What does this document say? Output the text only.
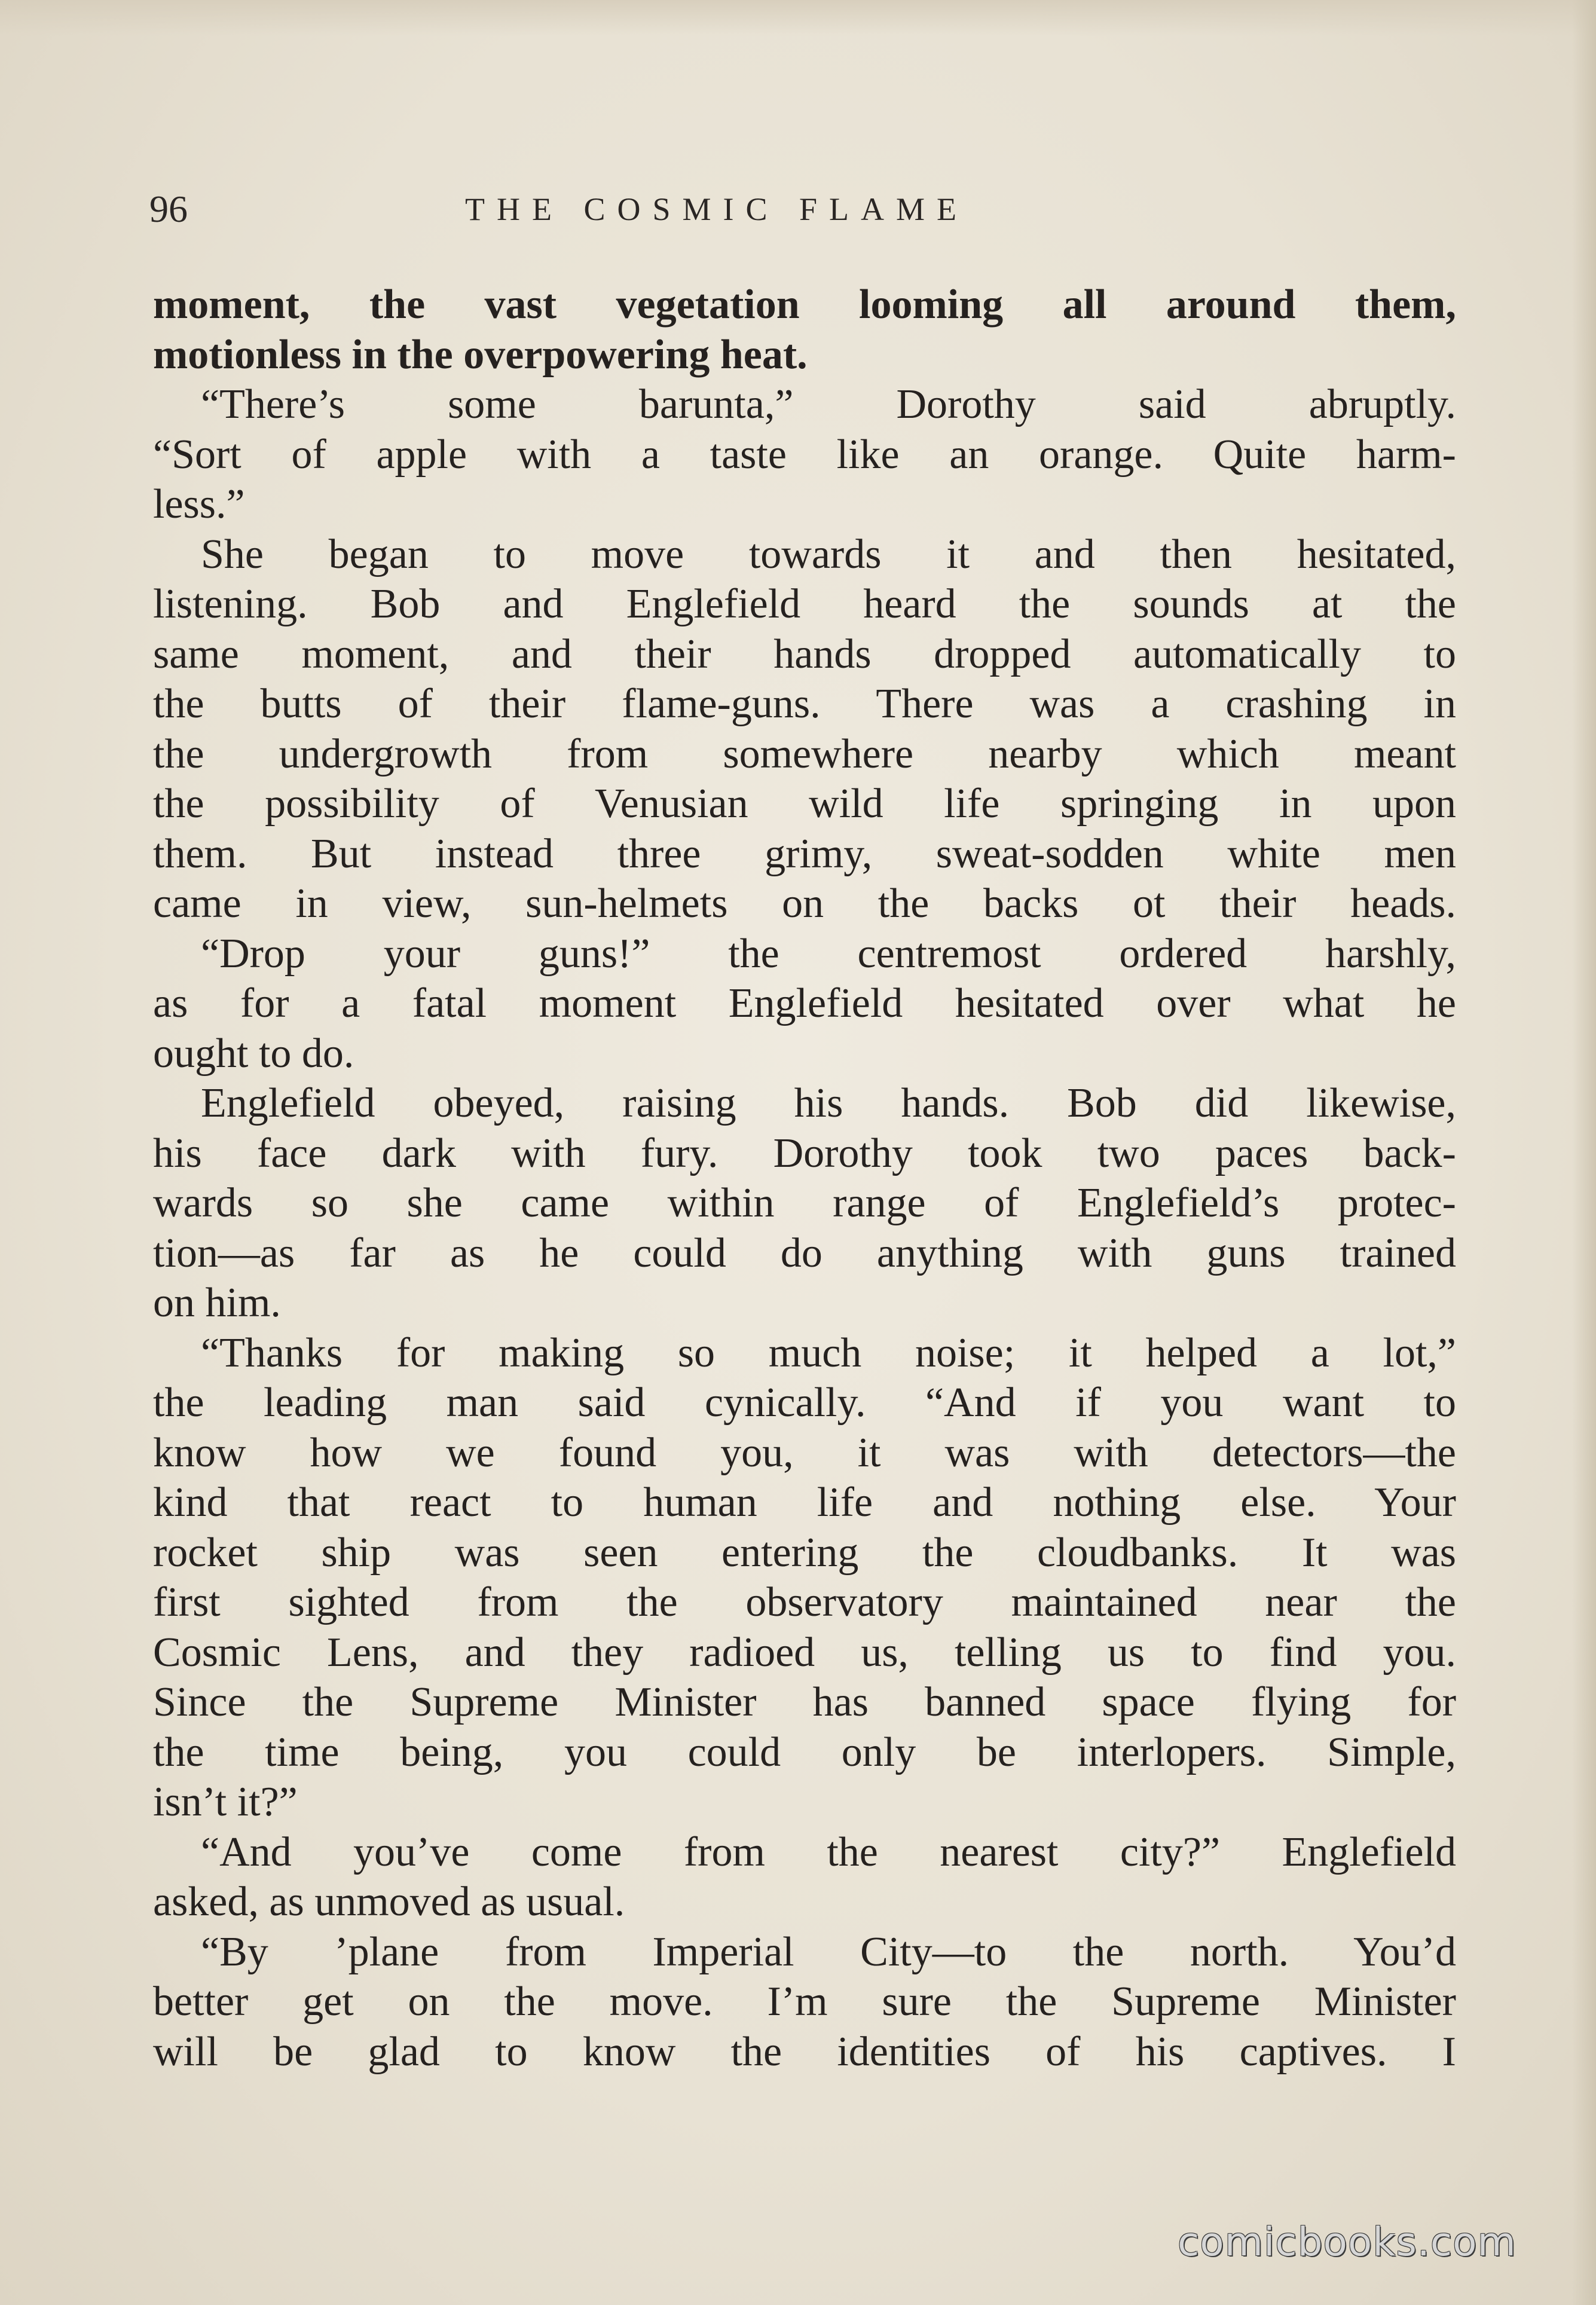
96	THE COSMIC FLAME
moment, the vast vegetation looming all around them,
motionless in the overpowering heat.
“There’s some barunta,” Dorothy said abruptly.
“Sort of apple with a taste like an orange. Quite harm-
less.”
She began to move towards it and then hesitated,
listening. Bob and Englefield heard the sounds at the
same moment, and their hands dropped automatically to
the butts of their flame-guns. There was a crashing in
the undergrowth from somewhere nearby which meant
the possibility of Venusian wild life springing in upon
them. But instead three grimy, sweat-sodden white men
came in view, sun-helmets on the backs ot their heads.
“Drop your guns!” the centremost ordered harshly,
as for a fatal moment Englefield hesitated over what he
ought to do.
Englefield obeyed, raising his hands. Bob did likewise,
his face dark with fury. Dorothy took two paces back-
wards so she came within range of Englefield’s protec-
tion—as far as he could do anything with guns trained
on him.
“Thanks for making so much noise; it helped a lot,”
the leading man said cynically. “And if you want to
know how we found you, it was with detectors—the
kind that react to human life and nothing else. Your
rocket ship was seen entering the cloudbanks. It was
first sighted from the observatory maintained near the
Cosmic Lens, and they radioed us, telling us to find you.
Since the Supreme Minister has banned space flying for
the time being, you could only be interlopers. Simple,
isn’t it?”
“And you’ve come from the nearest city?” Englefield
asked, as unmoved as usual.
“By ’plane from Imperial City—to the north. You’d
better get on the move. I’m sure the Supreme Minister
will be glad to know the identities of his captives. I
comicbooks.com
